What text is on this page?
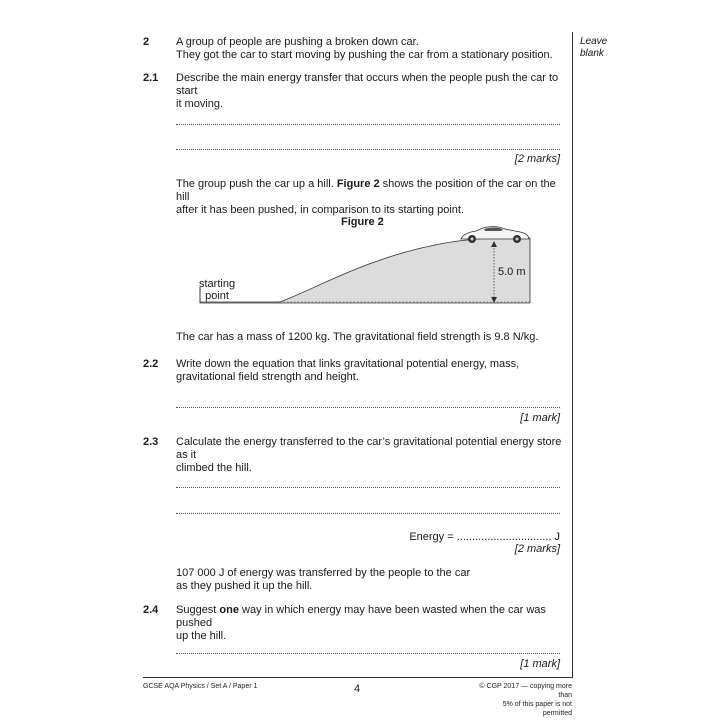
Leave
blank
2 A group of people are pushing a broken down car.
They got the car to start moving by pushing the car from a stationary position.
2.1 Describe the main energy transfer that occurs when the people push the car to start
it moving.
[2 marks]
The group push the car up a hill. Figure 2 shows the position of the car on the hill
after it has been pushed, in comparison to its starting point.
Figure 2
5.0 m
starting
point
The car has a mass of 1200 kg. The gravitational field strength is 9.8 N/kg.
2.2 Write down the equation that links gravitational potential energy, mass,
gravitational field strength and height.
[1 mark]
2.3 Calculate the energy transferred to the car’s gravitational potential energy store as it
climbed the hill.
Energy = ............................... J
[2 marks]
107 000 J of energy was transferred by the people to the car
as they pushed it up the hill.
2.4 Suggest one way in which energy may have been wasted when the car was pushed
up the hill.
[1 mark]
GCSE AQA Physics / Set A / Paper 1	4	© CGP 2017 — copying more than
5% of this paper is not permitted
